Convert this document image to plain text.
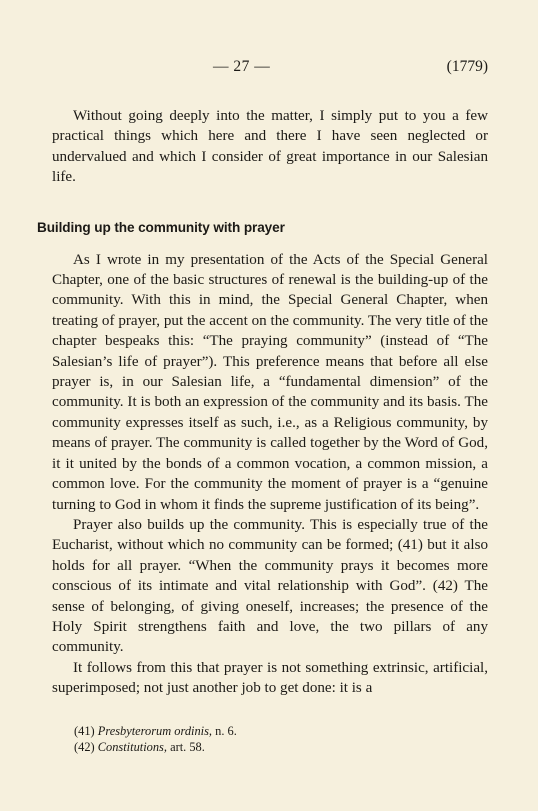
— 27 —	(1779)

Without going deeply into the matter, I simply put to you a few practical things which here and there I have seen neglected or undervalued and which I consider of great importance in our Salesian life.

Building up the community with prayer

As I wrote in my presentation of the Acts of the Special General Chapter, one of the basic structures of renewal is the building-up of the community. With this in mind, the Special General Chapter, when treating of prayer, put the accent on the community. The very title of the chapter bespeaks this: “The praying community” (instead of “The Salesian’s life of prayer”). This preference means that before all else prayer is, in our Salesian life, a “fundamental dimension” of the community. It is both an expression of the community and its basis. The community expresses itself as such, i.e., as a Religious community, by means of prayer. The community is called together by the Word of God, it it united by the bonds of a common vocation, a common mission, a common love. For the community the moment of prayer is a “genuine turning to God in whom it finds the supreme justification of its being”.

Prayer also builds up the community. This is especially true of the Eucharist, without which no community can be formed; (41) but it also holds for all prayer. “When the community prays it becomes more conscious of its intimate and vital relationship with God”. (42) The sense of belonging, of giving oneself, increases; the presence of the Holy Spirit strengthens faith and love, the two pillars of any community.

It follows from this that prayer is not something extrinsic, artificial, superimposed; not just another job to get done: it is a

(41) Presbyterorum ordinis, n. 6.
(42) Constitutions, art. 58.
